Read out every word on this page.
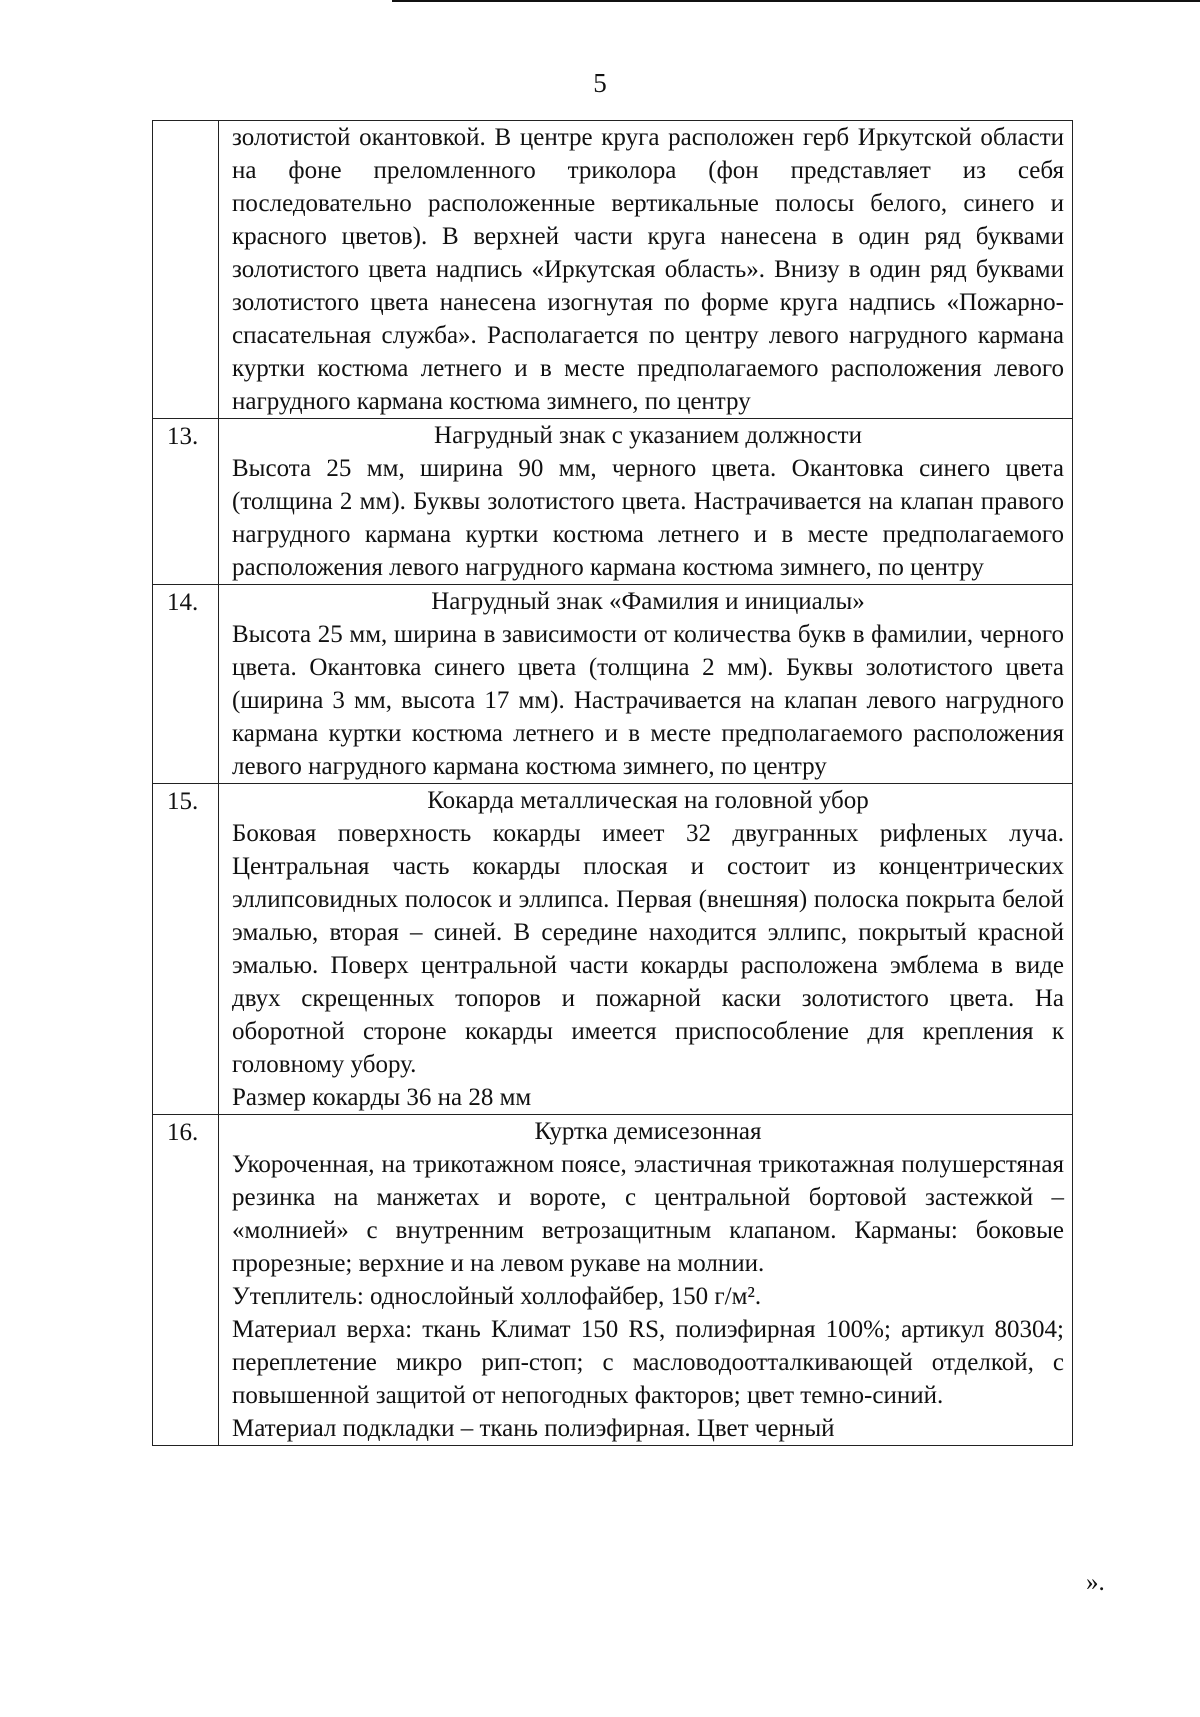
5

	золотистой окантовкой. В центре круга расположен герб Иркутской области на фоне преломленного триколора (фон представляет из себя последовательно расположенные вертикальные полосы белого, синего и красного цветов). В верхней части круга нанесена в один ряд буквами золотистого цвета надпись «Иркутская область». Внизу в один ряд буквами золотистого цвета нанесена изогнутая по форме круга надпись «Пожарно-спасательная служба». Располагается по центру левого нагрудного кармана куртки костюма летнего и в месте предполагаемого расположения левого нагрудного кармана костюма зимнего, по центру

13.	Нагрудный знак с указанием должности

Высота 25 мм, ширина 90 мм, черного цвета. Окантовка синего цвета (толщина 2 мм). Буквы золотистого цвета. Настрачивается на клапан правого нагрудного кармана куртки костюма летнего и в месте предполагаемого расположения левого нагрудного кармана костюма зимнего, по центру

14.	Нагрудный знак «Фамилия и инициалы»

Высота 25 мм, ширина в зависимости от количества букв в фамилии, черного цвета. Окантовка синего цвета (толщина 2 мм). Буквы золотистого цвета (ширина 3 мм, высота 17 мм). Настрачивается на клапан левого нагрудного кармана куртки костюма летнего и в месте предполагаемого расположения левого нагрудного кармана костюма зимнего, по центру

15.	Кокарда металлическая на головной убор

Боковая поверхность кокарды имеет 32 двугранных рифленых луча. Центральная часть кокарды плоская и состоит из концентрических эллипсовидных полосок и эллипса. Первая (внешняя) полоска покрыта белой эмалью, вторая – синей. В середине находится эллипс, покрытый красной эмалью. Поверх центральной части кокарды расположена эмблема в виде двух скрещенных топоров и пожарной каски золотистого цвета. На оборотной стороне кокарды имеется приспособление для крепления к головному убору.

Размер кокарды 36 на 28 мм

16.	Куртка демисезонная

Укороченная, на трикотажном поясе, эластичная трикотажная полушерстяная резинка на манжетах и вороте, с центральной бортовой застежкой – «молнией» с внутренним ветрозащитным клапаном. Карманы: боковые прорезные; верхние и на левом рукаве на молнии.

Утеплитель: однослойный холлофайбер, 150 г/м².

Материал верха: ткань Климат 150 RS, полиэфирная 100%; артикул 80304; переплетение микро рип-стоп; с масловодоотталкивающей отделкой, с повышенной защитой от непогодных факторов; цвет темно-синий.

Материал подкладки – ткань полиэфирная. Цвет черный

».
